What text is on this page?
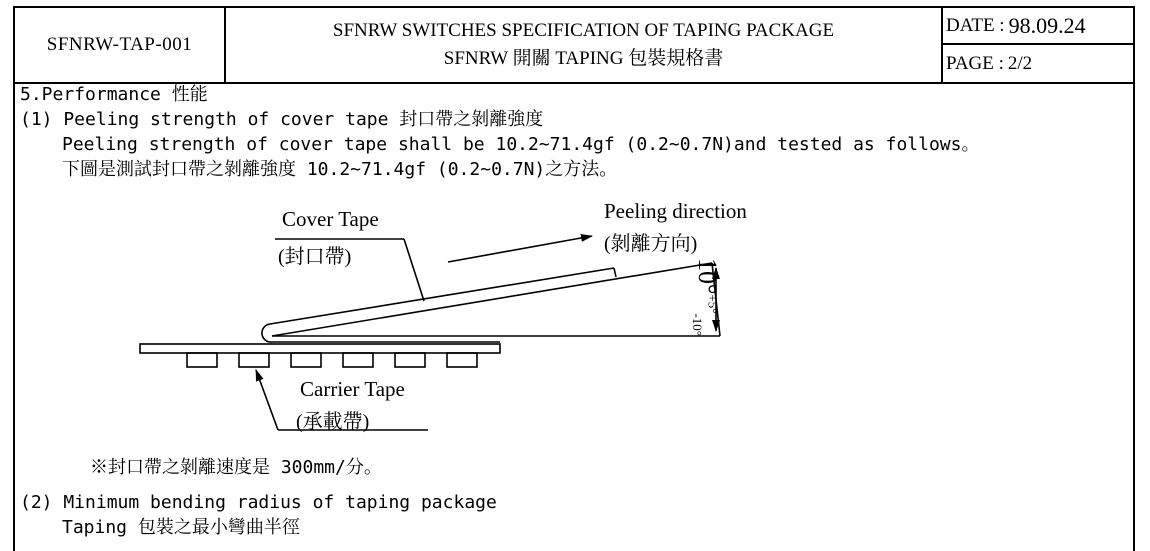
SFNRW-TAP-001
SFNRW SWITCHES SPECIFICATION OF TAPING PACKAGE
SFNRW 開關 TAPING 包裝規格書
DATE : 98.09.24
PAGE : 2/2
5.Performance 性能
(1) Peeling strength of cover tape 封口帶之剝離強度
Peeling strength of cover tape shall be 10.2~71.4gf (0.2~0.7N)and tested as follows。
下圖是測試封口帶之剝離強度 10.2~71.4gf (0.2~0.7N)之方法。
Cover Tape
(封口帶)
Peeling direction
(剝離方向)
Carrier Tape
(承載帶)
10°$^{+5^\circ}_{-10^\circ}$
※封口帶之剝離速度是 300mm/分。
(2) Minimum bending radius of taping package
Taping 包裝之最小彎曲半徑
